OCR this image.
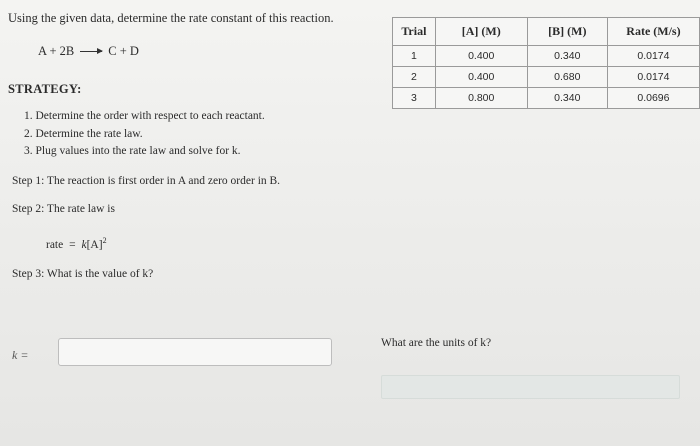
Using the given data, determine the rate constant of this reaction.
A + 2B → C + D
STRATEGY:
1. Determine the order with respect to each reactant.
2. Determine the rate law.
3. Plug values into the rate law and solve for k.
Step 1: The reaction is first order in A and zero order in B.
Step 2: The rate law is
rate = $k[A]^2$
Step 3: What is the value of k?
k =
What are the units of k?
Trial	[A] (M)	[B] (M)	Rate (M/s)
1	0.400	0.340	0.0174
2	0.400	0.680	0.0174
3	0.800	0.340	0.0696
